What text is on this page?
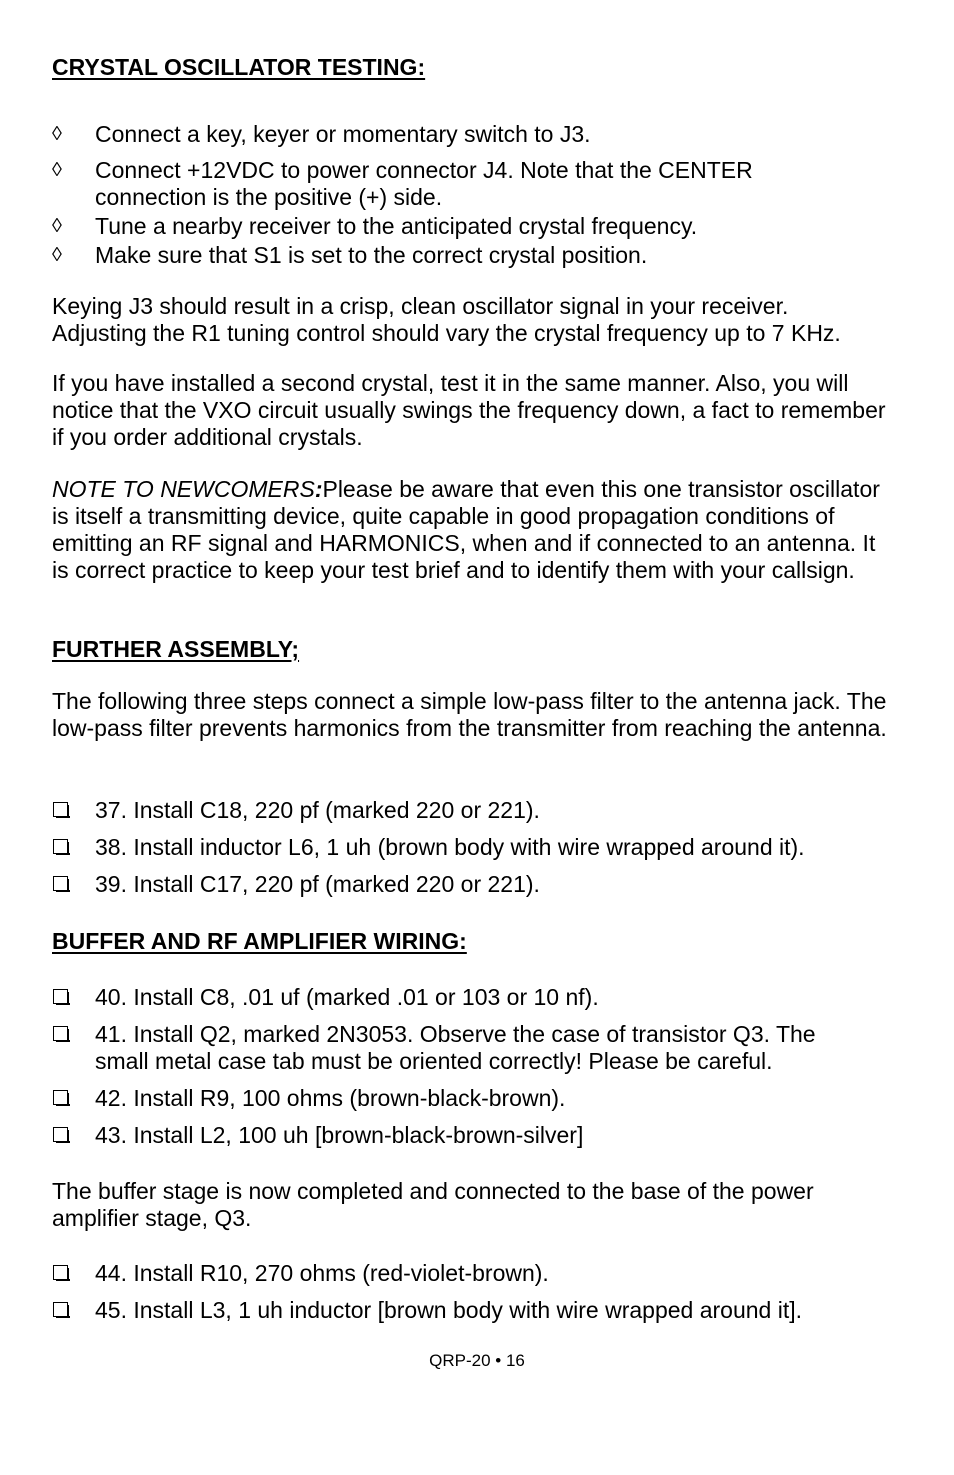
CRYSTAL OSCILLATOR TESTING:
◊	Connect a key, keyer or momentary switch to J3.
◊	Connect +12VDC to power connector J4. Note that the CENTER connection is the positive (+) side.
◊	Tune a nearby receiver to the anticipated crystal frequency.
◊	Make sure that S1 is set to the correct crystal position.
Keying J3 should result in a crisp, clean oscillator signal in your receiver. Adjusting the R1 tuning control should vary the crystal frequency up to 7 KHz.
If you have installed a second crystal, test it in the same manner. Also, you will notice that the VXO circuit usually swings the frequency down, a fact to remember if you order additional crystals.
NOTE TO NEWCOMERS:Please be aware that even this one transistor oscillator is itself a transmitting device, quite capable in good propagation conditions of emitting an RF signal and HARMONICS, when and if connected to an antenna. It is correct practice to keep your test brief and to identify them with your callsign.
FURTHER ASSEMBLY;
The following three steps connect a simple low-pass filter to the antenna jack. The low-pass filter prevents harmonics from the transmitter from reaching the antenna.
37. Install C18, 220 pf (marked 220 or 221).
38. Install inductor L6, 1 uh (brown body with wire wrapped around it).
39. Install C17, 220 pf (marked 220 or 221).
BUFFER AND RF AMPLIFIER WIRING:
40. Install C8, .01 uf (marked .01 or 103 or 10 nf).
41. Install Q2, marked 2N3053. Observe the case of transistor Q3. The small metal case tab must be oriented correctly! Please be careful.
42. Install R9, 100 ohms (brown-black-brown).
43. Install L2, 100 uh [brown-black-brown-silver]
The buffer stage is now completed and connected to the base of the power amplifier stage, Q3.
44. Install R10, 270 ohms (red-violet-brown).
45. Install L3, 1 uh inductor [brown body with wire wrapped around it].
QRP-20 • 16
